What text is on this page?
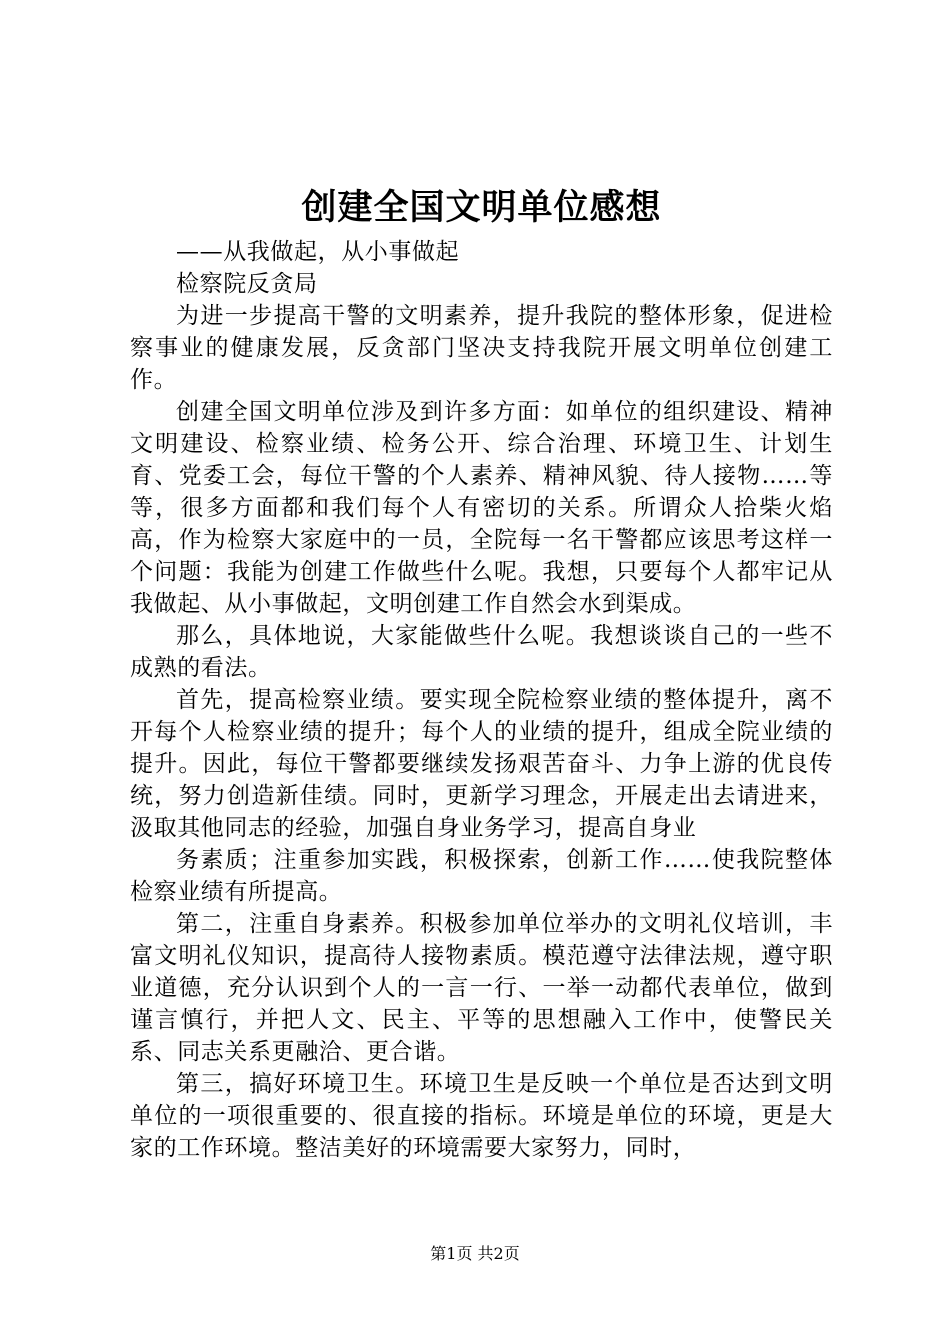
创建全国文明单位感想

——从我做起，从小事做起

检察院反贪局

为进一步提高干警的文明素养，提升我院的整体形象，促进检察事业的健康发展，反贪部门坚决支持我院开展文明单位创建工作。

创建全国文明单位涉及到许多方面：如单位的组织建设、精神文明建设、检察业绩、检务公开、综合治理、环境卫生、计划生育、党委工会，每位干警的个人素养、精神风貌、待人接物……等等，很多方面都和我们每个人有密切的关系。所谓众人拾柴火焰高，作为检察大家庭中的一员，全院每一名干警都应该思考这样一个问题：我能为创建工作做些什么呢。我想，只要每个人都牢记从我做起、从小事做起，文明创建工作自然会水到渠成。

那么，具体地说，大家能做些什么呢。我想谈谈自己的一些不成熟的看法。

首先，提高检察业绩。要实现全院检察业绩的整体提升，离不开每个人检察业绩的提升；每个人的业绩的提升，组成全院业绩的提升。因此，每位干警都要继续发扬艰苦奋斗、力争上游的优良传统，努力创造新佳绩。同时，更新学习理念，开展走出去请进来，汲取其他同志的经验，加强自身业务学习，提高自身业

务素质；注重参加实践，积极探索，创新工作……使我院整体检察业绩有所提高。

第二，注重自身素养。积极参加单位举办的文明礼仪培训，丰富文明礼仪知识，提高待人接物素质。模范遵守法律法规，遵守职业道德，充分认识到个人的一言一行、一举一动都代表单位，做到谨言慎行，并把人文、民主、平等的思想融入工作中，使警民关系、同志关系更融洽、更合谐。

第三，搞好环境卫生。环境卫生是反映一个单位是否达到文明单位的一项很重要的、很直接的指标。环境是单位的环境，更是大家的工作环境。整洁美好的环境需要大家努力，同时，

第1页 共2页
